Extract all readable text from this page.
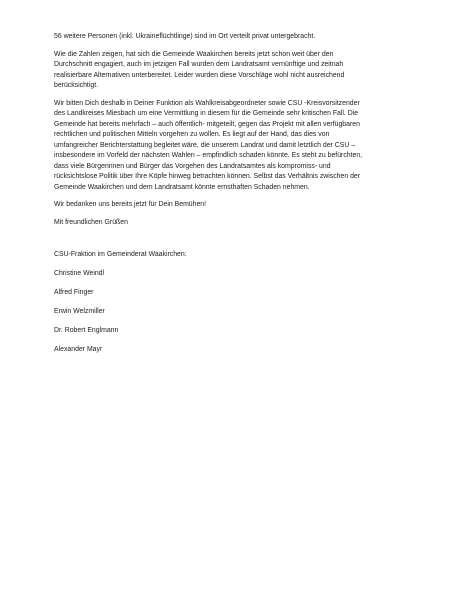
56 weitere Personen (inkl. Ukraineflüchtlinge) sind im Ort verteilt privat untergebracht.

Wie die Zahlen zeigen, hat sich die Gemeinde Waakirchen bereits jetzt schon weit über den
Durchschnitt engagiert, auch im jetzigen Fall wurden dem Landratsamt vernünftige und zeitnah
realisierbare Alternativen unterbereitet. Leider wurden diese Vorschläge wohl nicht ausreichend
berücksichtigt.

Wir bitten Dich deshalb in Deiner Funktion als Wahlkreisabgeordneter sowie CSU -Kreisvorsitzender
des Landkreises Miesbach um eine Vermittlung in diesem für die Gemeinde sehr kritischen Fall. Die
Gemeinde hat bereits mehrfach – auch öffentlich- mitgeteilt, gegen das Projekt mit allen verfügbaren
rechtlichen und politischen Mitteln vorgehen zu wollen. Es liegt auf der Hand, das dies von
umfangreicher Berichterstattung begleitet wäre, die unserem Landrat und damit letztlich der CSU –
insbesondere im Vorfeld der nächsten Wahlen – empfindlich schaden könnte. Es steht zu befürchten,
dass viele Bürgerinnen und Bürger das Vorgehen des Landratsamtes als kompromiss- und
rücksichtslose Politik über Ihre Köpfe hinweg betrachten können. Selbst das Verhältnis zwischen der
Gemeinde Waakirchen und dem Landratsamt könnte ernsthaften Schaden nehmen.

Wir bedanken uns bereits jetzt für Dein Bemühen!

Mit freundlichen Grüßen

CSU-Fraktion im Gemeinderat Waakirchen:

Christine Weindl

Alfred Finger

Erwin Welzmiller

Dr. Robert Englmann

Alexander Mayr
